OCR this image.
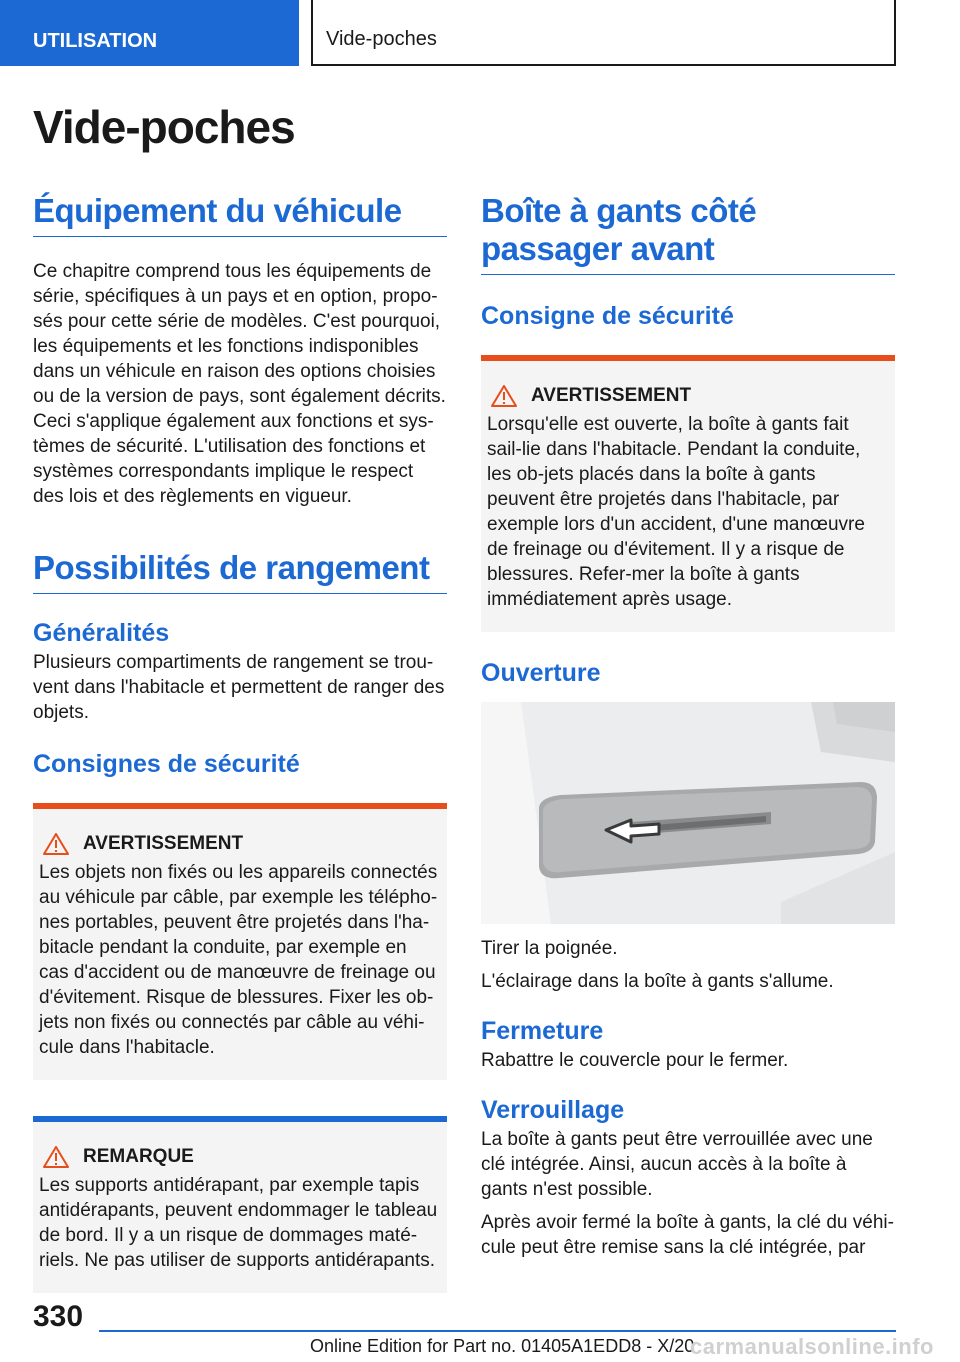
UTILISATION	Vide-poches
Vide-poches
Équipement du véhicule

Ce chapitre comprend tous les équipements de série, spécifiques à un pays et en option, propo-sés pour cette série de modèles. C'est pourquoi, les équipements et les fonctions indisponibles dans un véhicule en raison des options choisies ou de la version de pays, sont également décrits. Ceci s'applique également aux fonctions et sys-tèmes de sécurité. L'utilisation des fonctions et systèmes correspondants implique le respect des lois et des règlements en vigueur.

Possibilités de rangement
Généralités

Plusieurs compartiments de rangement se trou-vent dans l'habitacle et permettent de ranger des objets.

Consignes de sécurité
AVERTISSEMENT

Les objets non fixés ou les appareils connectés au véhicule par câble, par exemple les télépho-nes portables, peuvent être projetés dans l'ha-bitacle pendant la conduite, par exemple en cas d'accident ou de manœuvre de freinage ou d'évitement. Risque de blessures. Fixer les ob-jets non fixés ou connectés par câble au véhi-cule dans l'habitacle.

REMARQUE

Les supports antidérapant, par exemple tapis antidérapants, peuvent endommager le tableau de bord. Il y a un risque de dommages maté-riels. Ne pas utiliser de supports antidérapants.

Boîte à gants côté passager avant
Consigne de sécurité
AVERTISSEMENT

Lorsqu'elle est ouverte, la boîte à gants fait sail-lie dans l'habitacle. Pendant la conduite, les ob-jets placés dans la boîte à gants peuvent être projetés dans l'habitacle, par exemple lors d'un accident, d'une manœuvre de freinage ou d'évitement. Il y a risque de blessures. Refer-mer la boîte à gants immédiatement après usage.

Ouverture

Tirer la poignée.

L'éclairage dans la boîte à gants s'allume.

Fermeture

Rabattre le couvercle pour le fermer.

Verrouillage

La boîte à gants peut être verrouillée avec une clé intégrée. Ainsi, aucun accès à la boîte à gants n'est possible.

Après avoir fermé la boîte à gants, la clé du véhi-cule peut être remise sans la clé intégrée, par

330
Online Edition for Part no. 01405A1EDD8 - X/20
carmanualsonline.info
